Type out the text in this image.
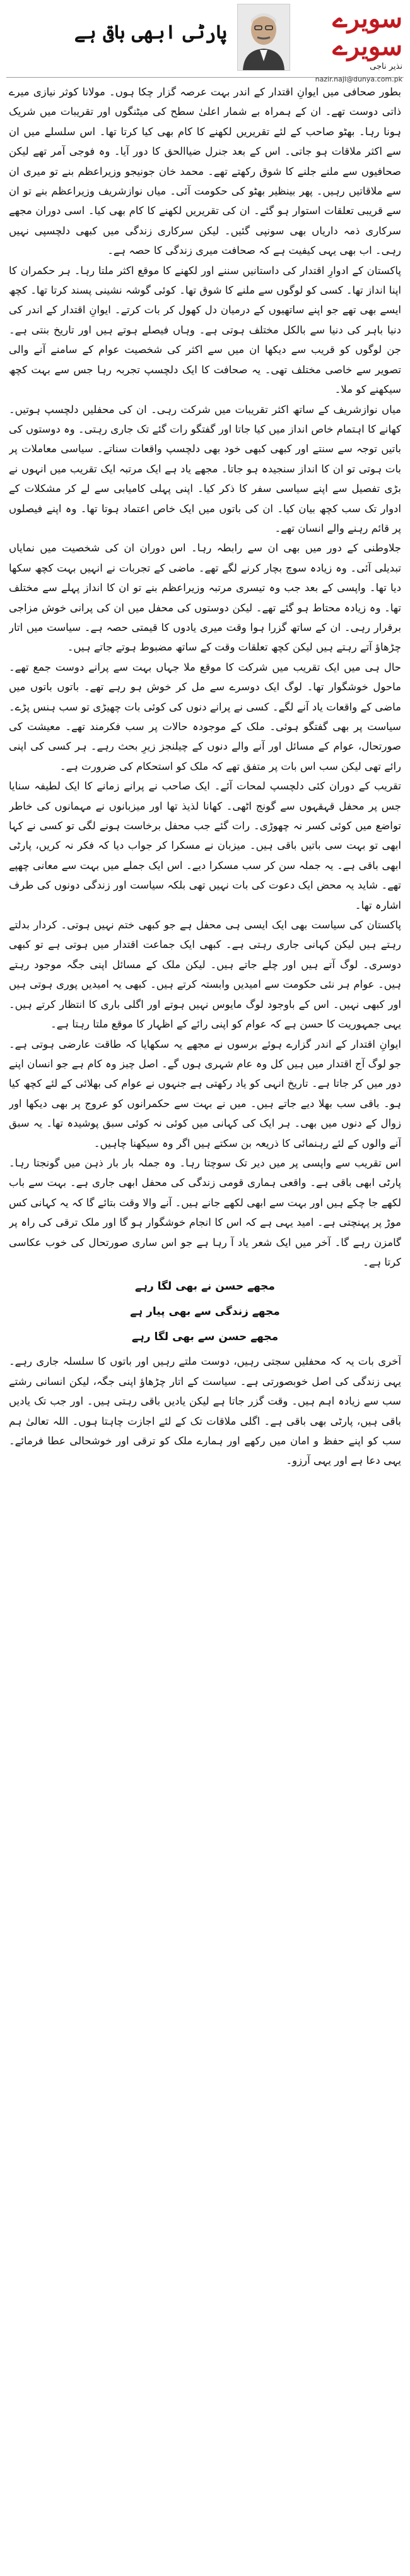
سویرے سویرے
نذیر ناجی
nazir.naji@dunya.com.pk
پارٹی ابھی باقی ہے

بطور صحافی میں ایوانِ اقتدار کے اندر بہت عرصہ گزار چکا ہوں۔ مولانا کوثر نیازی میرے ذاتی دوست تھے۔ ان کے ہمراہ بے شمار اعلیٰ سطح کی میٹنگوں اور تقریبات میں شریک ہونا رہا۔ بھٹو صاحب کے لئے تقریریں لکھنے کا کام بھی کیا کرتا تھا۔ اس سلسلے میں ان سے اکثر ملاقات ہو جاتی۔ اس کے بعد جنرل ضیاالحق کا دور آیا۔ وہ فوجی آمر تھے لیکن صحافیوں سے ملنے جلنے کا شوق رکھتے تھے۔ محمد خان جونیجو وزیراعظم بنے تو میری ان سے ملاقاتیں رہیں۔ پھر بینظیر بھٹو کی حکومت آئی۔ میاں نوازشریف وزیراعظم بنے تو ان سے قریبی تعلقات استوار ہو گئے۔ ان کی تقریریں لکھنے کا کام بھی کیا۔ اسی دوران مجھے سرکاری ذمہ داریاں بھی سونپی گئیں۔ لیکن سرکاری زندگی میں کبھی دلچسپی نہیں رہی۔ اب بھی یہی کیفیت ہے کہ صحافت میری زندگی کا حصہ ہے۔

پاکستان کے ادوارِ اقتدار کی داستانیں سننے اور لکھنے کا موقع اکثر ملتا رہا۔ ہر حکمران کا اپنا انداز تھا۔ کسی کو لوگوں سے ملنے کا شوق تھا۔ کوئی گوشہ نشینی پسند کرتا تھا۔ کچھ ایسے بھی تھے جو اپنے ساتھیوں کے درمیان دل کھول کر بات کرتے۔ ایوانِ اقتدار کے اندر کی دنیا باہر کی دنیا سے بالکل مختلف ہوتی ہے۔ وہاں فیصلے ہوتے ہیں اور تاریخ بنتی ہے۔ جن لوگوں کو قریب سے دیکھا ان میں سے اکثر کی شخصیت عوام کے سامنے آنے والی تصویر سے خاصی مختلف تھی۔ یہ صحافت کا ایک دلچسپ تجربہ رہا جس سے بہت کچھ سیکھنے کو ملا۔

میاں نوازشریف کے ساتھ اکثر تقریبات میں شرکت رہی۔ ان کی محفلیں دلچسپ ہوتیں۔ کھانے کا اہتمام خاص انداز میں کیا جاتا اور گفتگو رات گئے تک جاری رہتی۔ وہ دوستوں کی باتیں توجہ سے سنتے اور کبھی کبھی خود بھی دلچسپ واقعات سناتے۔ سیاسی معاملات پر بات ہوتی تو ان کا انداز سنجیدہ ہو جاتا۔ مجھے یاد ہے ایک مرتبہ ایک تقریب میں انہوں نے بڑی تفصیل سے اپنے سیاسی سفر کا ذکر کیا۔ اپنی پہلی کامیابی سے لے کر مشکلات کے ادوار تک سب کچھ بیان کیا۔ ان کی باتوں میں ایک خاص اعتماد ہوتا تھا۔ وہ اپنے فیصلوں پر قائم رہنے والے انسان تھے۔

جلاوطنی کے دور میں بھی ان سے رابطہ رہا۔ اس دوران ان کی شخصیت میں نمایاں تبدیلی آئی۔ وہ زیادہ سوچ بچار کرنے لگے تھے۔ ماضی کے تجربات نے انہیں بہت کچھ سکھا دیا تھا۔ واپسی کے بعد جب وہ تیسری مرتبہ وزیراعظم بنے تو ان کا انداز پہلے سے مختلف تھا۔ وہ زیادہ محتاط ہو گئے تھے۔ لیکن دوستوں کی محفل میں ان کی پرانی خوش مزاجی برقرار رہی۔ ان کے ساتھ گزرا ہوا وقت میری یادوں کا قیمتی حصہ ہے۔ سیاست میں اتار چڑھاؤ آتے رہتے ہیں لیکن کچھ تعلقات وقت کے ساتھ مضبوط ہوتے جاتے ہیں۔

حال ہی میں ایک تقریب میں شرکت کا موقع ملا جہاں بہت سے پرانے دوست جمع تھے۔ ماحول خوشگوار تھا۔ لوگ ایک دوسرے سے مل کر خوش ہو رہے تھے۔ باتوں باتوں میں ماضی کے واقعات یاد آنے لگے۔ کسی نے پرانے دنوں کی کوئی بات چھیڑی تو سب ہنس پڑے۔ سیاست پر بھی گفتگو ہوئی۔ ملک کے موجودہ حالات پر سب فکرمند تھے۔ معیشت کی صورتحال، عوام کے مسائل اور آنے والے دنوں کے چیلنجز زیرِ بحث رہے۔ ہر کسی کی اپنی رائے تھی لیکن سب اس بات پر متفق تھے کہ ملک کو استحکام کی ضرورت ہے۔

تقریب کے دوران کئی دلچسپ لمحات آئے۔ ایک صاحب نے پرانے زمانے کا ایک لطیفہ سنایا جس پر محفل قہقہوں سے گونج اٹھی۔ کھانا لذیذ تھا اور میزبانوں نے مہمانوں کی خاطر تواضع میں کوئی کسر نہ چھوڑی۔ رات گئے جب محفل برخاست ہونے لگی تو کسی نے کہا ابھی تو بہت سی باتیں باقی ہیں۔ میزبان نے مسکرا کر جواب دیا کہ فکر نہ کریں، پارٹی ابھی باقی ہے۔ یہ جملہ سن کر سب مسکرا دیے۔ اس ایک جملے میں بہت سے معانی چھپے تھے۔ شاید یہ محض ایک دعوت کی بات نہیں تھی بلکہ سیاست اور زندگی دونوں کی طرف اشارہ تھا۔

پاکستان کی سیاست بھی ایک ایسی ہی محفل ہے جو کبھی ختم نہیں ہوتی۔ کردار بدلتے رہتے ہیں لیکن کہانی جاری رہتی ہے۔ کبھی ایک جماعت اقتدار میں ہوتی ہے تو کبھی دوسری۔ لوگ آتے ہیں اور چلے جاتے ہیں۔ لیکن ملک کے مسائل اپنی جگہ موجود رہتے ہیں۔ عوام ہر نئی حکومت سے امیدیں وابستہ کرتے ہیں۔ کبھی یہ امیدیں پوری ہوتی ہیں اور کبھی نہیں۔ اس کے باوجود لوگ مایوس نہیں ہوتے اور اگلی باری کا انتظار کرتے ہیں۔ یہی جمہوریت کا حسن ہے کہ عوام کو اپنی رائے کے اظہار کا موقع ملتا رہتا ہے۔

ایوانِ اقتدار کے اندر گزارے ہوئے برسوں نے مجھے یہ سکھایا کہ طاقت عارضی ہوتی ہے۔ جو لوگ آج اقتدار میں ہیں کل وہ عام شہری ہوں گے۔ اصل چیز وہ کام ہے جو انسان اپنے دور میں کر جاتا ہے۔ تاریخ انہی کو یاد رکھتی ہے جنہوں نے عوام کی بھلائی کے لئے کچھ کیا ہو۔ باقی سب بھلا دیے جاتے ہیں۔ میں نے بہت سے حکمرانوں کو عروج پر بھی دیکھا اور زوال کے دنوں میں بھی۔ ہر ایک کی کہانی میں کوئی نہ کوئی سبق پوشیدہ تھا۔ یہ سبق آنے والوں کے لئے رہنمائی کا ذریعہ بن سکتے ہیں اگر وہ سیکھنا چاہیں۔

اس تقریب سے واپسی پر میں دیر تک سوچتا رہا۔ وہ جملہ بار بار ذہن میں گونجتا رہا۔ پارٹی ابھی باقی ہے۔ واقعی ہماری قومی زندگی کی محفل ابھی جاری ہے۔ بہت سے باب لکھے جا چکے ہیں اور بہت سے ابھی لکھے جانے ہیں۔ آنے والا وقت بتائے گا کہ یہ کہانی کس موڑ پر پہنچتی ہے۔ امید یہی ہے کہ اس کا انجام خوشگوار ہو گا اور ملک ترقی کی راہ پر گامزن رہے گا۔ آخر میں ایک شعر یاد آ رہا ہے جو اس ساری صورتحال کی خوب عکاسی کرتا ہے۔

مجھے حسن نے بھی لگا رہے
مجھے زندگی سے بھی پیار ہے
مجھے حسن سے بھی لگا رہے

آخری بات یہ کہ محفلیں سجتی رہیں، دوست ملتے رہیں اور باتوں کا سلسلہ جاری رہے۔ یہی زندگی کی اصل خوبصورتی ہے۔ سیاست کے اتار چڑھاؤ اپنی جگہ، لیکن انسانی رشتے سب سے زیادہ اہم ہیں۔ وقت گزر جاتا ہے لیکن یادیں باقی رہتی ہیں۔ اور جب تک یادیں باقی ہیں، پارٹی بھی باقی ہے۔ اگلی ملاقات تک کے لئے اجازت چاہتا ہوں۔ اللہ تعالیٰ ہم سب کو اپنے حفظ و امان میں رکھے اور ہمارے ملک کو ترقی اور خوشحالی عطا فرمائے۔ یہی دعا ہے اور یہی آرزو۔
